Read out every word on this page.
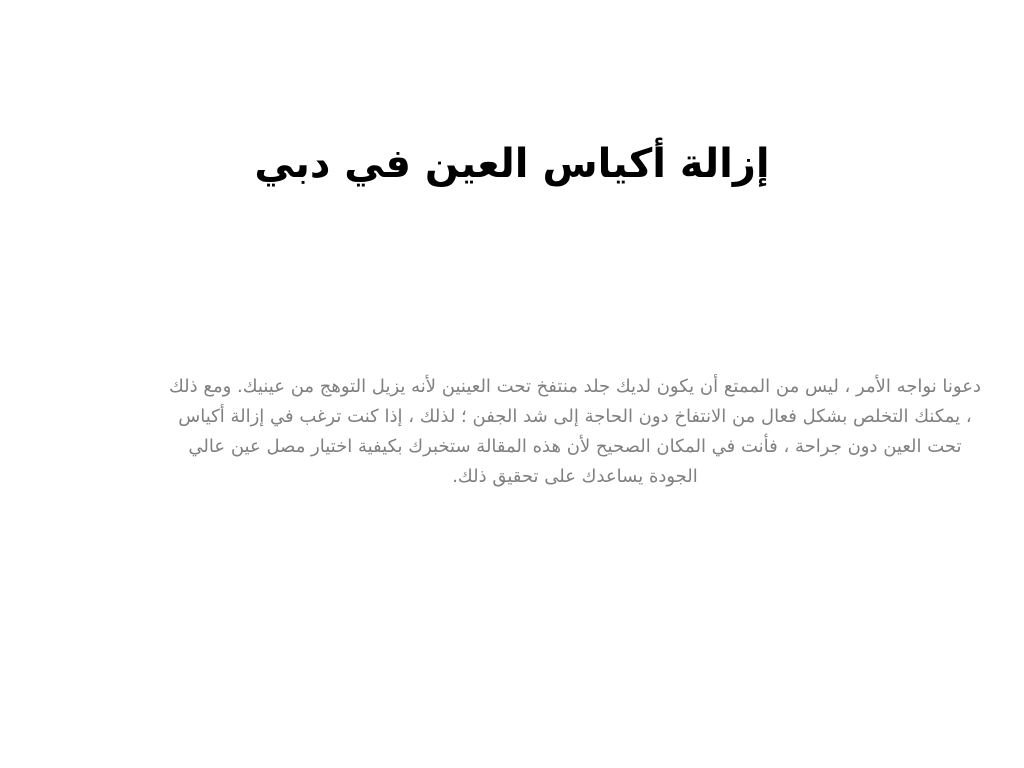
إزالة أكياس العين في دبي

دعونا نواجه الأمر ، ليس من الممتع أن يكون لديك جلد منتفخ تحت العينين لأنه يزيل التوهج من عينيك. ومع ذلك ، يمكنك التخلص بشكل فعال من الانتفاخ دون الحاجة إلى شد الجفن ؛ لذلك ، إذا كنت ترغب في إزالة أكياس تحت العين دون جراحة ، فأنت في المكان الصحيح لأن هذه المقالة ستخبرك بكيفية اختيار مصل عين عالي الجودة يساعدك على تحقيق ذلك.
